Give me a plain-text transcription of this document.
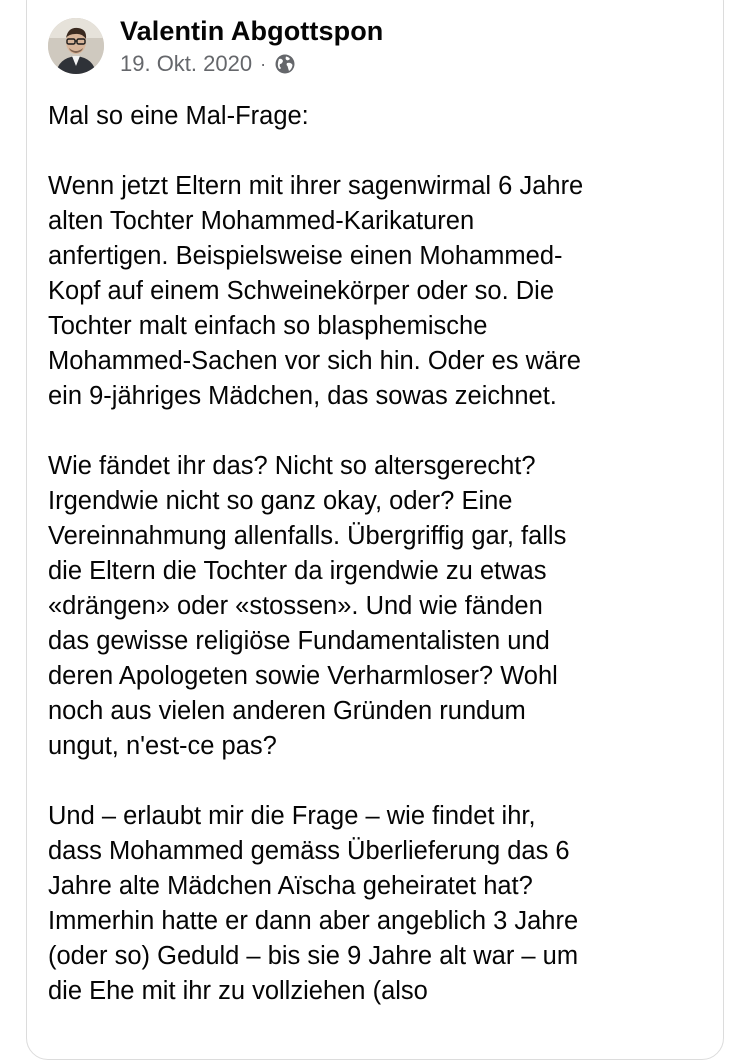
Valentin Abgottspon
19. Okt. 2020 ·
Mal so eine Mal-Frage:
Wenn jetzt Eltern mit ihrer sagenwirmal 6 Jahre
alten Tochter Mohammed-Karikaturen
anfertigen. Beispielsweise einen Mohammed-
Kopf auf einem Schweinekörper oder so. Die
Tochter malt einfach so blasphemische
Mohammed-Sachen vor sich hin. Oder es wäre
ein 9-jähriges Mädchen, das sowas zeichnet.
Wie fändet ihr das? Nicht so altersgerecht?
Irgendwie nicht so ganz okay, oder? Eine
Vereinnahmung allenfalls. Übergriffig gar, falls
die Eltern die Tochter da irgendwie zu etwas
«drängen» oder «stossen». Und wie fänden
das gewisse religiöse Fundamentalisten und
deren Apologeten sowie Verharmloser? Wohl
noch aus vielen anderen Gründen rundum
ungut, n'est-ce pas?
Und – erlaubt mir die Frage – wie findet ihr,
dass Mohammed gemäss Überlieferung das 6
Jahre alte Mädchen Aïscha geheiratet hat?
Immerhin hatte er dann aber angeblich 3 Jahre
(oder so) Geduld – bis sie 9 Jahre alt war – um
die Ehe mit ihr zu vollziehen (also
